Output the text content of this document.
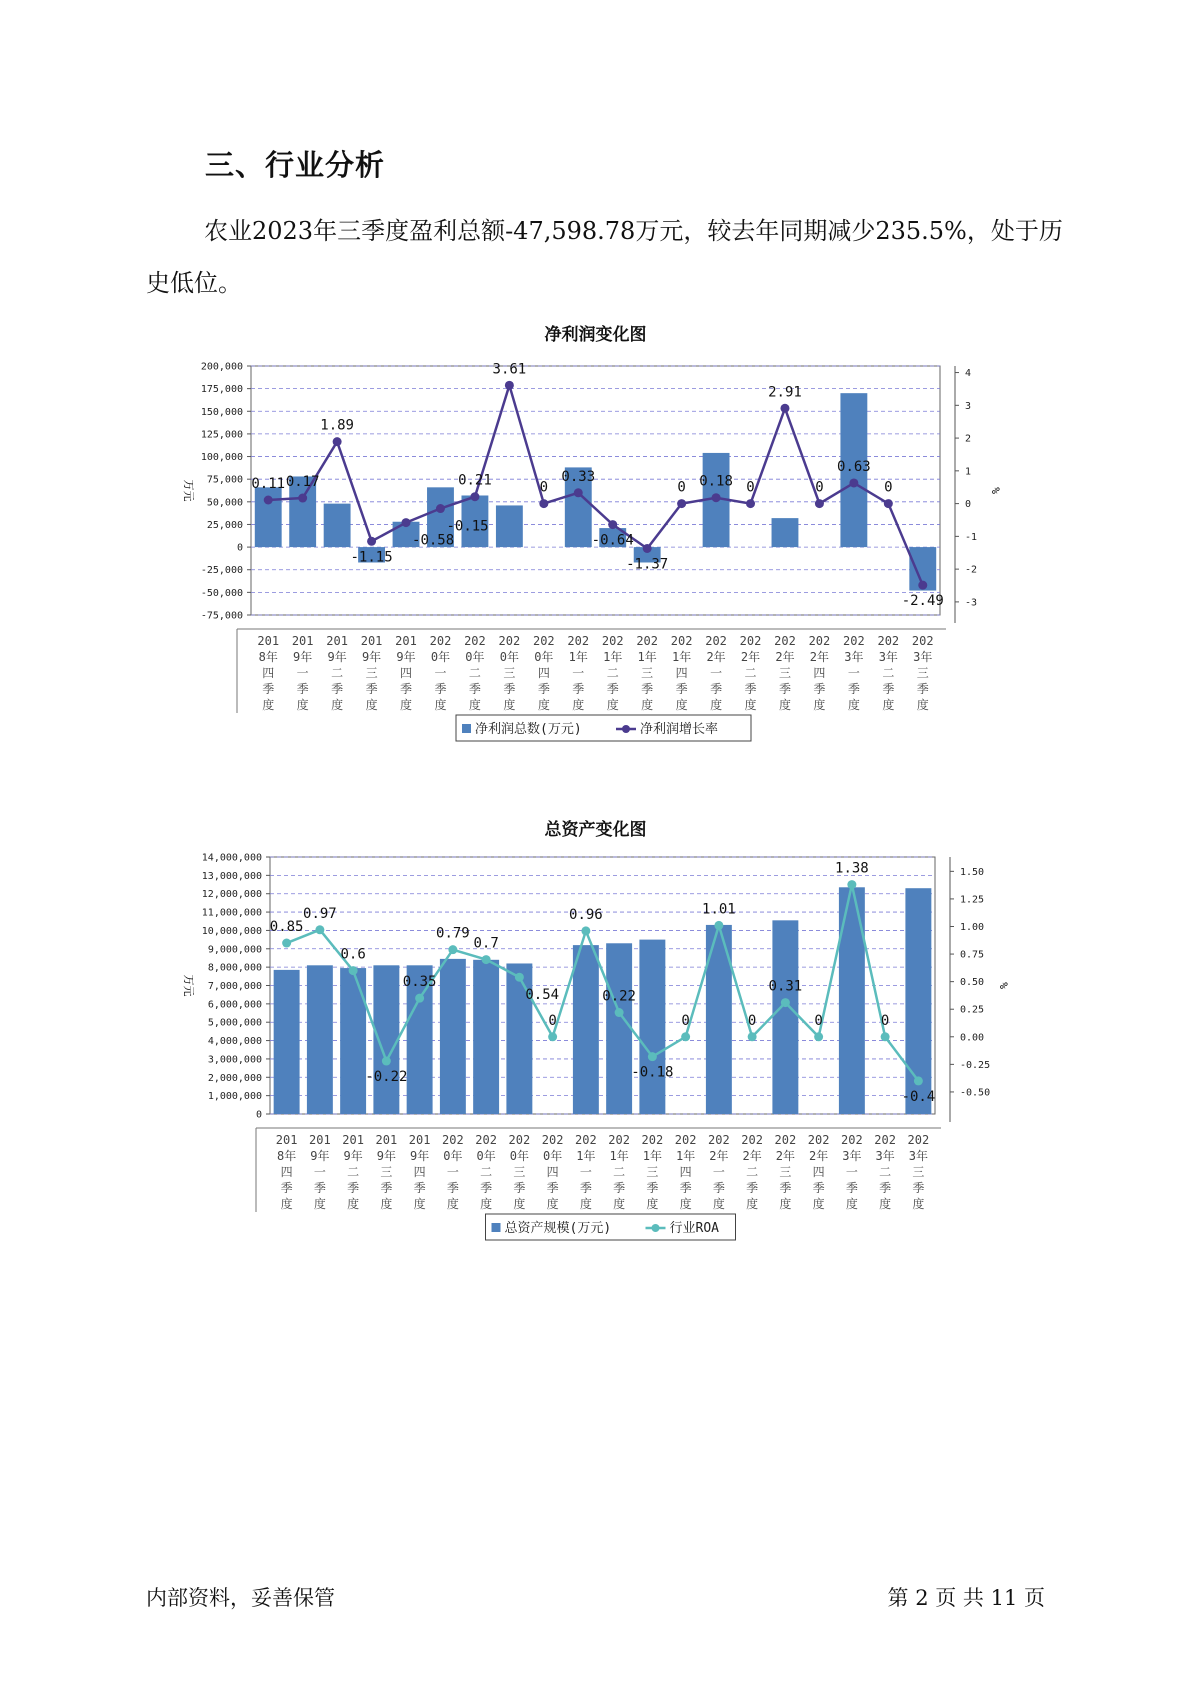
三、行业分析
农业2023年三季度盈利总额-47,598.78万元，较去年同期减少235.5%，处于历史低位。
净利润变化图
200,000
175,000
150,000
125,000
100,000
75,000
50,000
25,000
0
-25,000
-50,000
-75,000
4
3
2
1
0
-1
-2
-3
万元	%
201
8年
四
季
度
201
9年
一
季
度
201
9年
二
季
度
201
9年
三
季
度
201
9年
四
季
度
202
0年
一
季
度
202
0年
二
季
度
202
0年
三
季
度
202
0年
四
季
度
202
1年
一
季
度
202
1年
二
季
度
202
1年
三
季
度
202
1年
四
季
度
202
2年
一
季
度
202
2年
二
季
度
202
2年
三
季
度
202
2年
四
季
度
202
3年
一
季
度
202
3年
二
季
度
202
3年
三
季
度
0.11 0.17
1.89
-1.15
-0.58
-0.15
0.21
3.61
0
0.33
-0.64
-1.37
0 0.18 0
2.91
0
0.63
0
-2.49
净利润总数(万元)	净利润增长率
总资产变化图
14,000,000
13,000,000
12,000,000
11,000,000
10,000,000
9,000,000
8,000,000
7,000,000
6,000,000
5,000,000
4,000,000
3,000,000
2,000,000
1,000,000
0
1.50
1.25
1.00
0.75
0.50
0.25
0.00
-0.25
-0.50
万元	%
201
8年
四
季
度
201
9年
一
季
度
201
9年
二
季
度
201
9年
三
季
度
201
9年
四
季
度
202
0年
一
季
度
202
0年
二
季
度
202
0年
三
季
度
202
0年
四
季
度
202
1年
一
季
度
202
1年
二
季
度
202
1年
三
季
度
202
1年
四
季
度
202
2年
一
季
度
202
2年
二
季
度
202
2年
三
季
度
202
2年
四
季
度
202
3年
一
季
度
202
3年
二
季
度
202
3年
三
季
度
0.85
0.97
0.6
-0.22
0.35
0.79
0.7
0.54
0
0.96
0.22
-0.18
0
1.01
0
0.31
0
1.38
0
-0.4
总资产规模(万元)	行业ROA
内部资料，妥善保管	第 2 页 共 11 页
